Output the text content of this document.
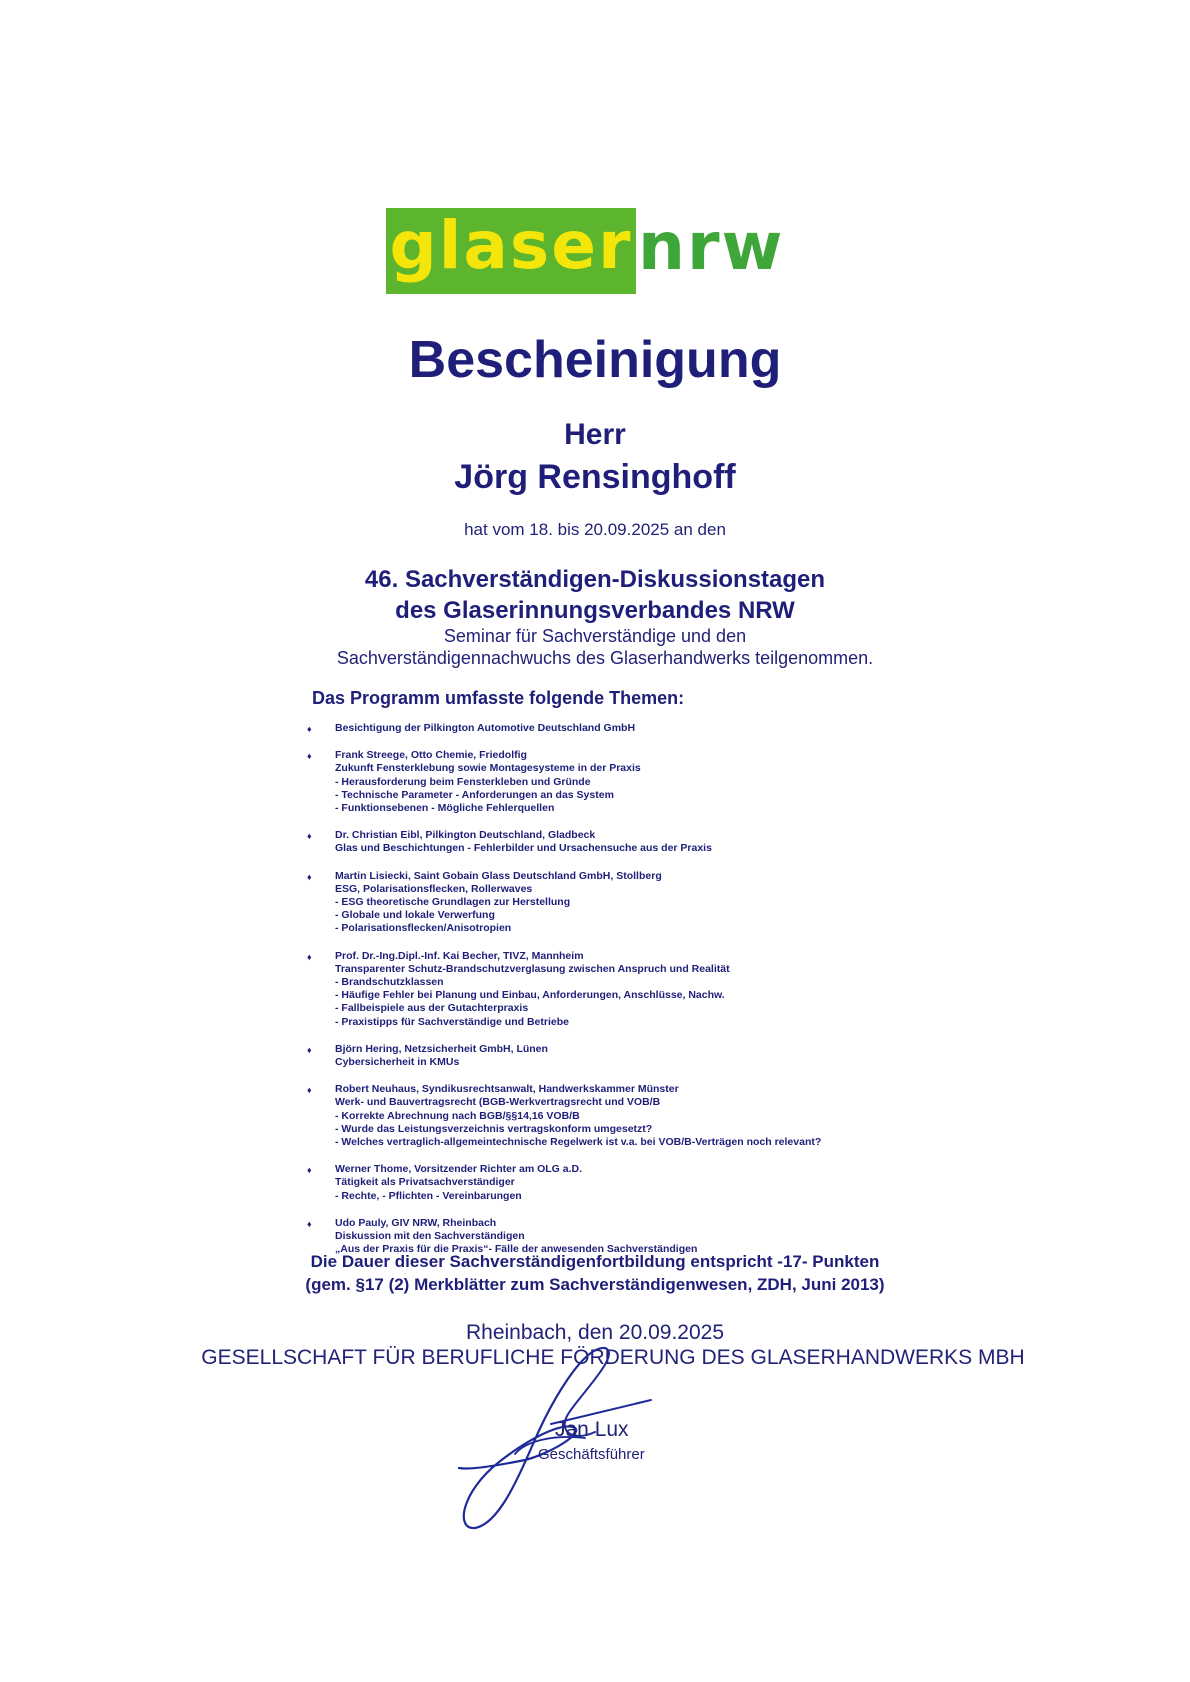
glaser nrw
Bescheinigung
Herr
Jörg Rensinghoff
hat vom 18. bis 20.09.2025 an den
46. Sachverständigen-Diskussionstagen
des Glaserinnungsverbandes NRW
Seminar für Sachverständige und den
Sachverständigennachwuchs des Glaserhandwerks teilgenommen.
Das Programm umfasste folgende Themen:
♦ Besichtigung der Pilkington Automotive Deutschland GmbH
♦ Frank Streege, Otto Chemie, Friedolfig
Zukunft Fensterklebung sowie Montagesysteme in der Praxis
- Herausforderung beim Fensterkleben und Gründe
- Technische Parameter - Anforderungen an das System
- Funktionsebenen - Mögliche Fehlerquellen
♦ Dr. Christian Eibl, Pilkington Deutschland, Gladbeck
Glas und Beschichtungen - Fehlerbilder und Ursachensuche aus der Praxis
♦ Martin Lisiecki, Saint Gobain Glass Deutschland GmbH, Stollberg
ESG, Polarisationsflecken, Rollerwaves
- ESG theoretische Grundlagen zur Herstellung
- Globale und lokale Verwerfung
- Polarisationsflecken/Anisotropien
♦ Prof. Dr.-Ing.Dipl.-Inf. Kai Becher, TIVZ, Mannheim
Transparenter Schutz-Brandschutzverglasung zwischen Anspruch und Realität
- Brandschutzklassen
- Häufige Fehler bei Planung und Einbau, Anforderungen, Anschlüsse, Nachw.
- Fallbeispiele aus der Gutachterpraxis
- Praxistipps für Sachverständige und Betriebe
♦ Björn Hering, Netzsicherheit GmbH, Lünen
Cybersicherheit in KMUs
♦ Robert Neuhaus, Syndikusrechtsanwalt, Handwerkskammer Münster
Werk- und Bauvertragsrecht (BGB-Werkvertragsrecht und VOB/B
- Korrekte Abrechnung nach BGB/§§14,16 VOB/B
- Wurde das Leistungsverzeichnis vertragskonform umgesetzt?
- Welches vertraglich-allgemeintechnische Regelwerk ist v.a. bei VOB/B-Verträgen noch relevant?
♦ Werner Thome, Vorsitzender Richter am OLG a.D.
Tätigkeit als Privatsachverständiger
- Rechte, - Pflichten - Vereinbarungen
♦ Udo Pauly, GIV NRW, Rheinbach
Diskussion mit den Sachverständigen
„Aus der Praxis für die Praxis“- Fälle der anwesenden Sachverständigen
Die Dauer dieser Sachverständigenfortbildung entspricht -17- Punkten
(gem. §17 (2) Merkblätter zum Sachverständigenwesen, ZDH, Juni 2013)
Rheinbach, den 20.09.2025
GESELLSCHAFT FÜR BERUFLICHE FÖRDERUNG DES GLASERHANDWERKS MBH
Jan Lux
Geschäftsführer
